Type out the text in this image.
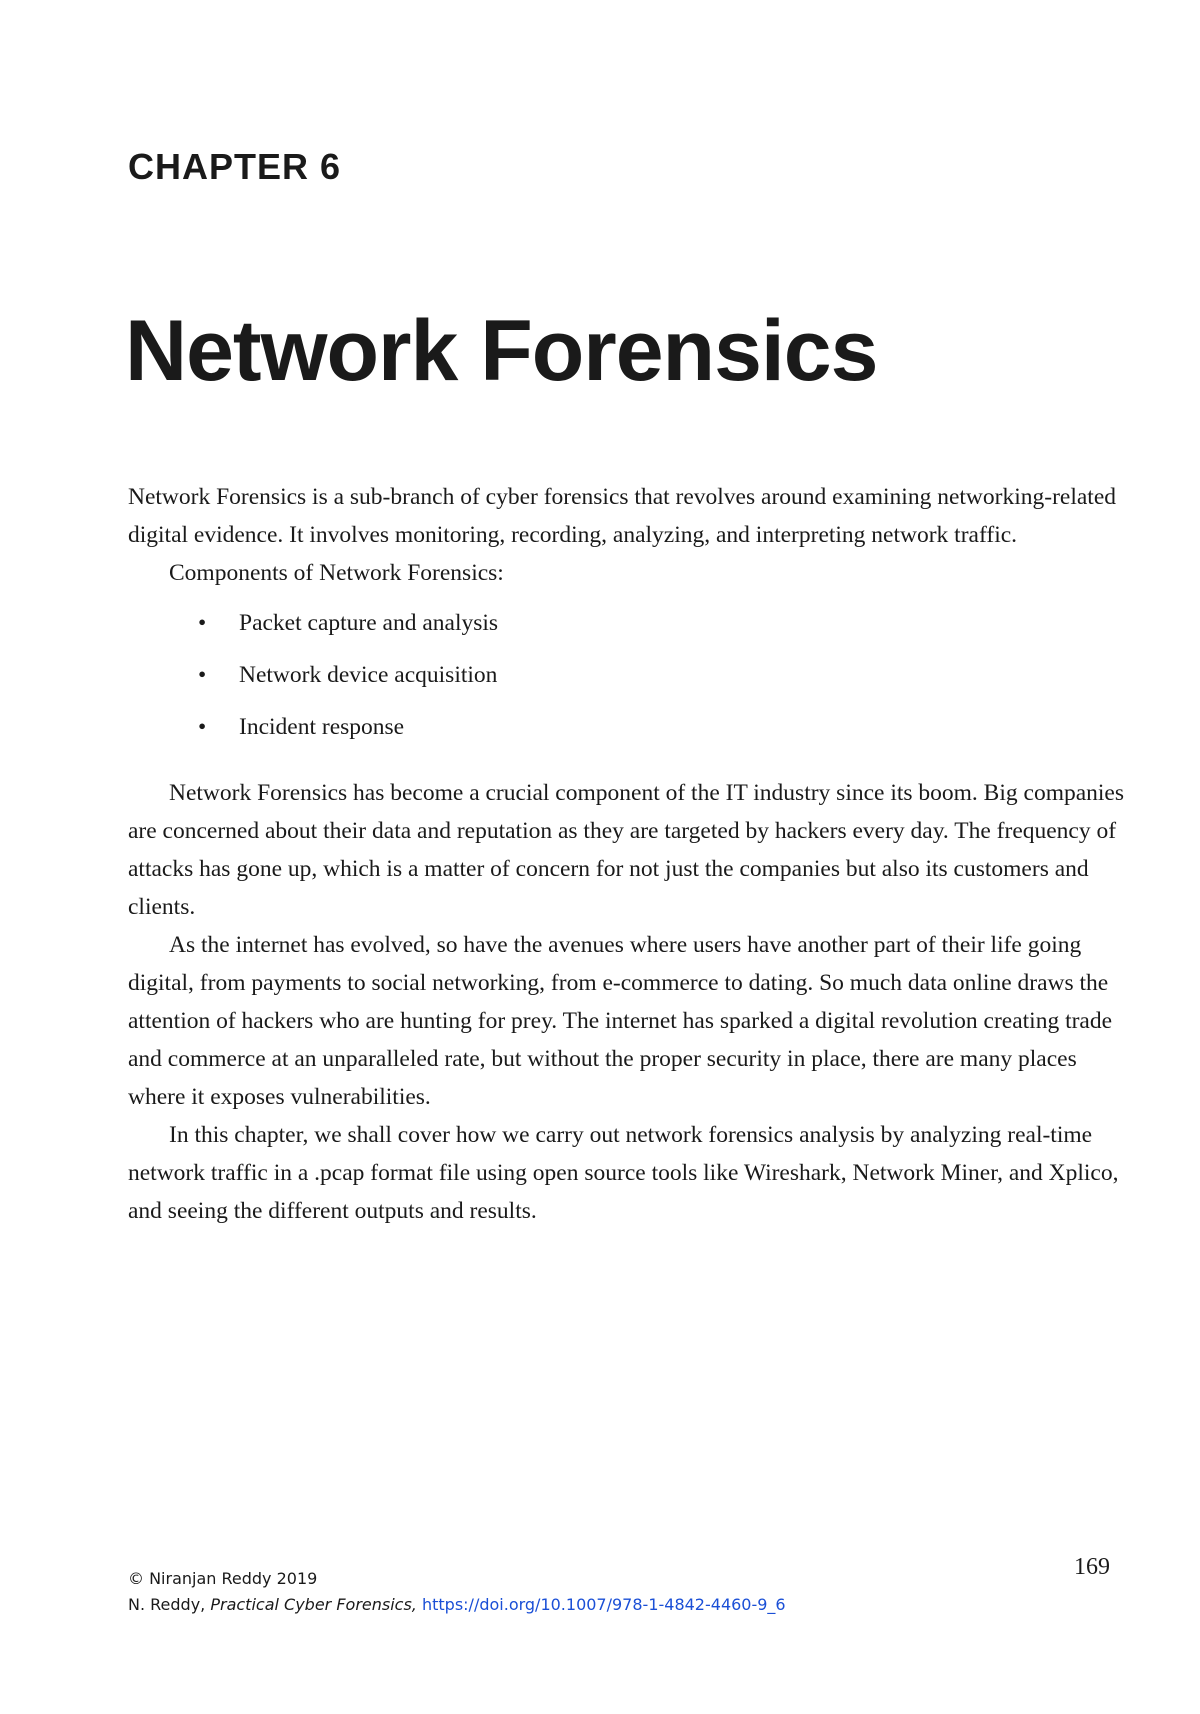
CHAPTER 6
Network Forensics

Network Forensics is a sub-branch of cyber forensics that revolves around examining networking-related digital evidence. It involves monitoring, recording, analyzing, and interpreting network traffic.

Components of Network Forensics:

• Packet capture and analysis
• Network device acquisition
• Incident response

Network Forensics has become a crucial component of the IT industry since its boom. Big companies are concerned about their data and reputation as they are targeted by hackers every day. The frequency of attacks has gone up, which is a matter of concern for not just the companies but also its customers and clients.

As the internet has evolved, so have the avenues where users have another part of their life going digital, from payments to social networking, from e-commerce to dating. So much data online draws the attention of hackers who are hunting for prey. The internet has sparked a digital revolution creating trade and commerce at an unparalleled rate, but without the proper security in place, there are many places where it exposes vulnerabilities.

In this chapter, we shall cover how we carry out network forensics analysis by analyzing real-time network traffic in a .pcap format file using open source tools like Wireshark, Network Miner, and Xplico, and seeing the different outputs and results.

169
© Niranjan Reddy 2019
N. Reddy, Practical Cyber Forensics, https://doi.org/10.1007/978-1-4842-4460-9_6
